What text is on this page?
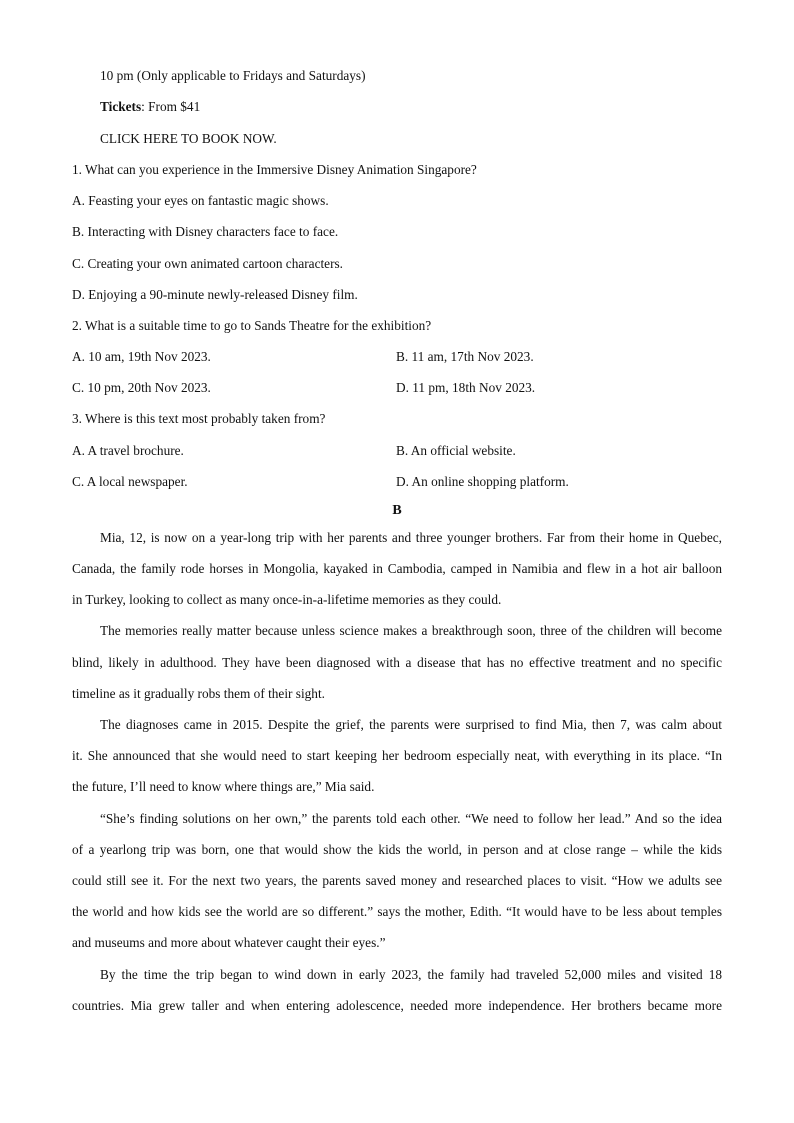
10 pm (Only applicable to Fridays and Saturdays)
Tickets: From $41
CLICK HERE TO BOOK NOW.
1. What can you experience in the Immersive Disney Animation Singapore?
A. Feasting your eyes on fantastic magic shows.
B. Interacting with Disney characters face to face.
C. Creating your own animated cartoon characters.
D. Enjoying a 90-minute newly-released Disney film.
2. What is a suitable time to go to Sands Theatre for the exhibition?
A. 10 am, 19th Nov 2023.	B. 11 am, 17th Nov 2023.
C. 10 pm, 20th Nov 2023.	D. 11 pm, 18th Nov 2023.
3. Where is this text most probably taken from?
A. A travel brochure.	B. An official website.
C. A local newspaper.	D. An online shopping platform.
B
Mia, 12, is now on a year-long trip with her parents and three younger brothers. Far from their home in Quebec,
Canada, the family rode horses in Mongolia, kayaked in Cambodia, camped in Namibia and flew in a hot air balloon
in Turkey, looking to collect as many once-in-a-lifetime memories as they could.
The memories really matter because unless science makes a breakthrough soon, three of the children will become
blind, likely in adulthood. They have been diagnosed with a disease that has no effective treatment and no specific
timeline as it gradually robs them of their sight.
The diagnoses came in 2015. Despite the grief, the parents were surprised to find Mia, then 7, was calm about
it. She announced that she would need to start keeping her bedroom especially neat, with everything in its place. “In
the future, I’ll need to know where things are,” Mia said.
“She’s finding solutions on her own,” the parents told each other. “We need to follow her lead.” And so the idea
of a yearlong trip was born, one that would show the kids the world, in person and at close range – while the kids
could still see it. For the next two years, the parents saved money and researched places to visit. “How we adults see
the world and how kids see the world are so different.” says the mother, Edith. “It would have to be less about temples
and museums and more about whatever caught their eyes.”
By the time the trip began to wind down in early 2023, the family had traveled 52,000 miles and visited 18
countries. Mia grew taller and when entering adolescence, needed more independence. Her brothers became more
